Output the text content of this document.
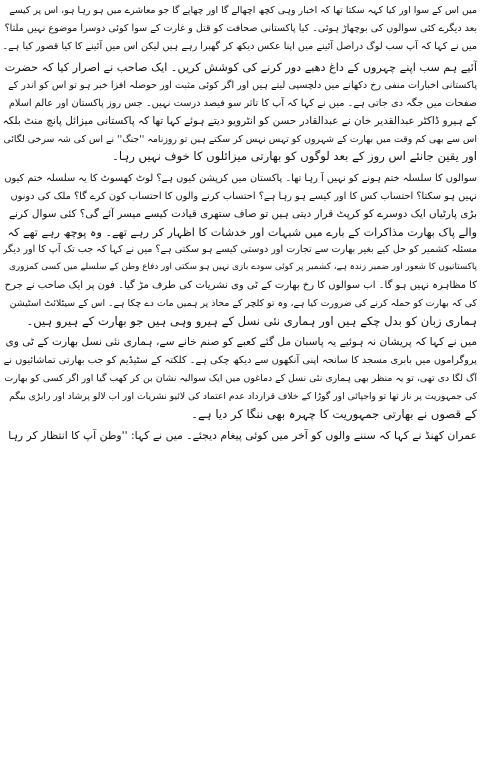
میں اس کے سوا اور کیا کہہ سکتا تھا کہ اخبار وہی کچھ اچھالے گا اور چھاپے گا جو معاشرے میں ہو رہا ہو، اس پر کیسے
بعد دیگرے کئی سوالوں کی بوچھاڑ ہوئی۔ کیا پاکستانی صحافت کو قتل و غارت کے سوا کوئی دوسرا موضوع نہیں ملتا؟
میں نے کہا کہ آپ سب لوگ دراصل آئینے میں اپنا عکس دیکھ کر گھبرا رہے ہیں لیکن اس میں آئینے کا کیا قصور کیا ہے۔
آئیے ہم سب اپنے چہروں کے داغ دھبے دور کرنے کی کوشش کریں۔ ایک صاحب نے اصرار کیا کہ حضرت
پاکستانی اخبارات منفی رخ دکھانے میں دلچسپی لیتے ہیں اور اگر کوئی مثبت اور حوصلہ افزا خبر ہو تو اس کو اندر کے
صفحات میں جگہ دی جاتی ہے۔ میں نے کہا کہ آپ کا تاثر سو فیصد درست نہیں۔ جس روز پاکستان اور عالم اسلام
کے ہیرو ڈاکٹر عبدالقدیر خان نے عبدالقادر حسن کو انٹرویو دیتے ہوئے کہا تھا کہ پاکستانی میزائل پانچ منٹ بلکہ
اس سے بھی کم وقت میں بھارت کے شہروں کو تہس نہس کر سکتے ہیں تو روزنامہ ''جنگ'' نے اس کی شہ سرخی لگائی
اور یقین جانئے اس روز کے بعد لوگوں کو بھارتی میزائلوں کا خوف نہیں رہا۔
سوالوں کا سلسلہ ختم ہونے کو نہیں آ رہا تھا۔ پاکستان میں کرپشن کیوں ہے؟ لوٹ کھسوٹ کا یہ سلسلہ ختم کیوں
نہیں ہو سکتا؟ احتساب کس کا اور کیسے ہو رہا ہے؟ احتساب کرنے والوں کا احتساب کون کرے گا؟ ملک کی دونوں
بڑی پارٹیاں ایک دوسرے کو کرپٹ قرار دیتی ہیں تو صاف ستھری قیادت کیسے میسر آئے گی؟ کئی سوال کرنے
والے پاک بھارت مذاکرات کے بارے میں شبہات اور خدشات کا اظہار کر رہے تھے۔ وہ پوچھ رہے تھے کہ
مسئلہ کشمیر کو حل کیے بغیر بھارت سے تجارت اور دوستی کیسے ہو سکتی ہے؟ میں نے کہا کہ جب تک آپ کا اور دیگر
پاکستانیوں کا شعور اور ضمیر زندہ ہے، کشمیر پر کوئی سودے بازی نہیں ہو سکتی اور دفاع وطن کے سلسلے میں کسی کمزوری
کا مظاہرہ نہیں ہو گا۔ اب سوالوں کا رخ بھارت کے ٹی وی نشریات کی طرف مڑ گیا۔ فون پر ایک صاحب نے جرح
کی کہ بھارت کو حملہ کرنے کی ضرورت کیا ہے، وہ تو کلچر کے محاذ پر ہمیں مات دے چکا ہے۔ اس کے سیٹلائٹ اسٹیشن
ہماری زبان کو بدل چکے ہیں اور ہماری نئی نسل کے ہیرو وہی ہیں جو بھارت کے ہیرو ہیں۔
میں نے کہا کہ پریشان نہ ہوئیے یہ پاسبان مل گئے کعبے کو صنم خانے سے، ہماری نئی نسل بھارت کے ٹی وی
پروگراموں میں بابری مسجد کا سانحہ اپنی آنکھوں سے دیکھ چکی ہے۔ کلکتہ کے سٹیڈیم کو جب بھارتی تماشائیوں نے
آگ لگا دی تھی، تو یہ منظر بھی ہماری نئی نسل کے دماغوں میں ایک سوالیہ نشان بن کر کھب گیا اور اگر کسی کو بھارت
کی جمہوریت پر ناز تھا تو واجپائی اور گوڑا کے خلاف قرارداد عدم اعتماد کی لائیو نشریات اور اب لالو پرشاد اور رابڑی بیگم
کے قصوں نے بھارتی جمہوریت کا چہرہ بھی ننگا کر دیا ہے۔
عمران کھنڈ نے کہا کہ سننے والوں کو آخر میں کوئی پیغام دیجئے۔ میں نے کہا: ''وطن آپ کا انتظار کر رہا
